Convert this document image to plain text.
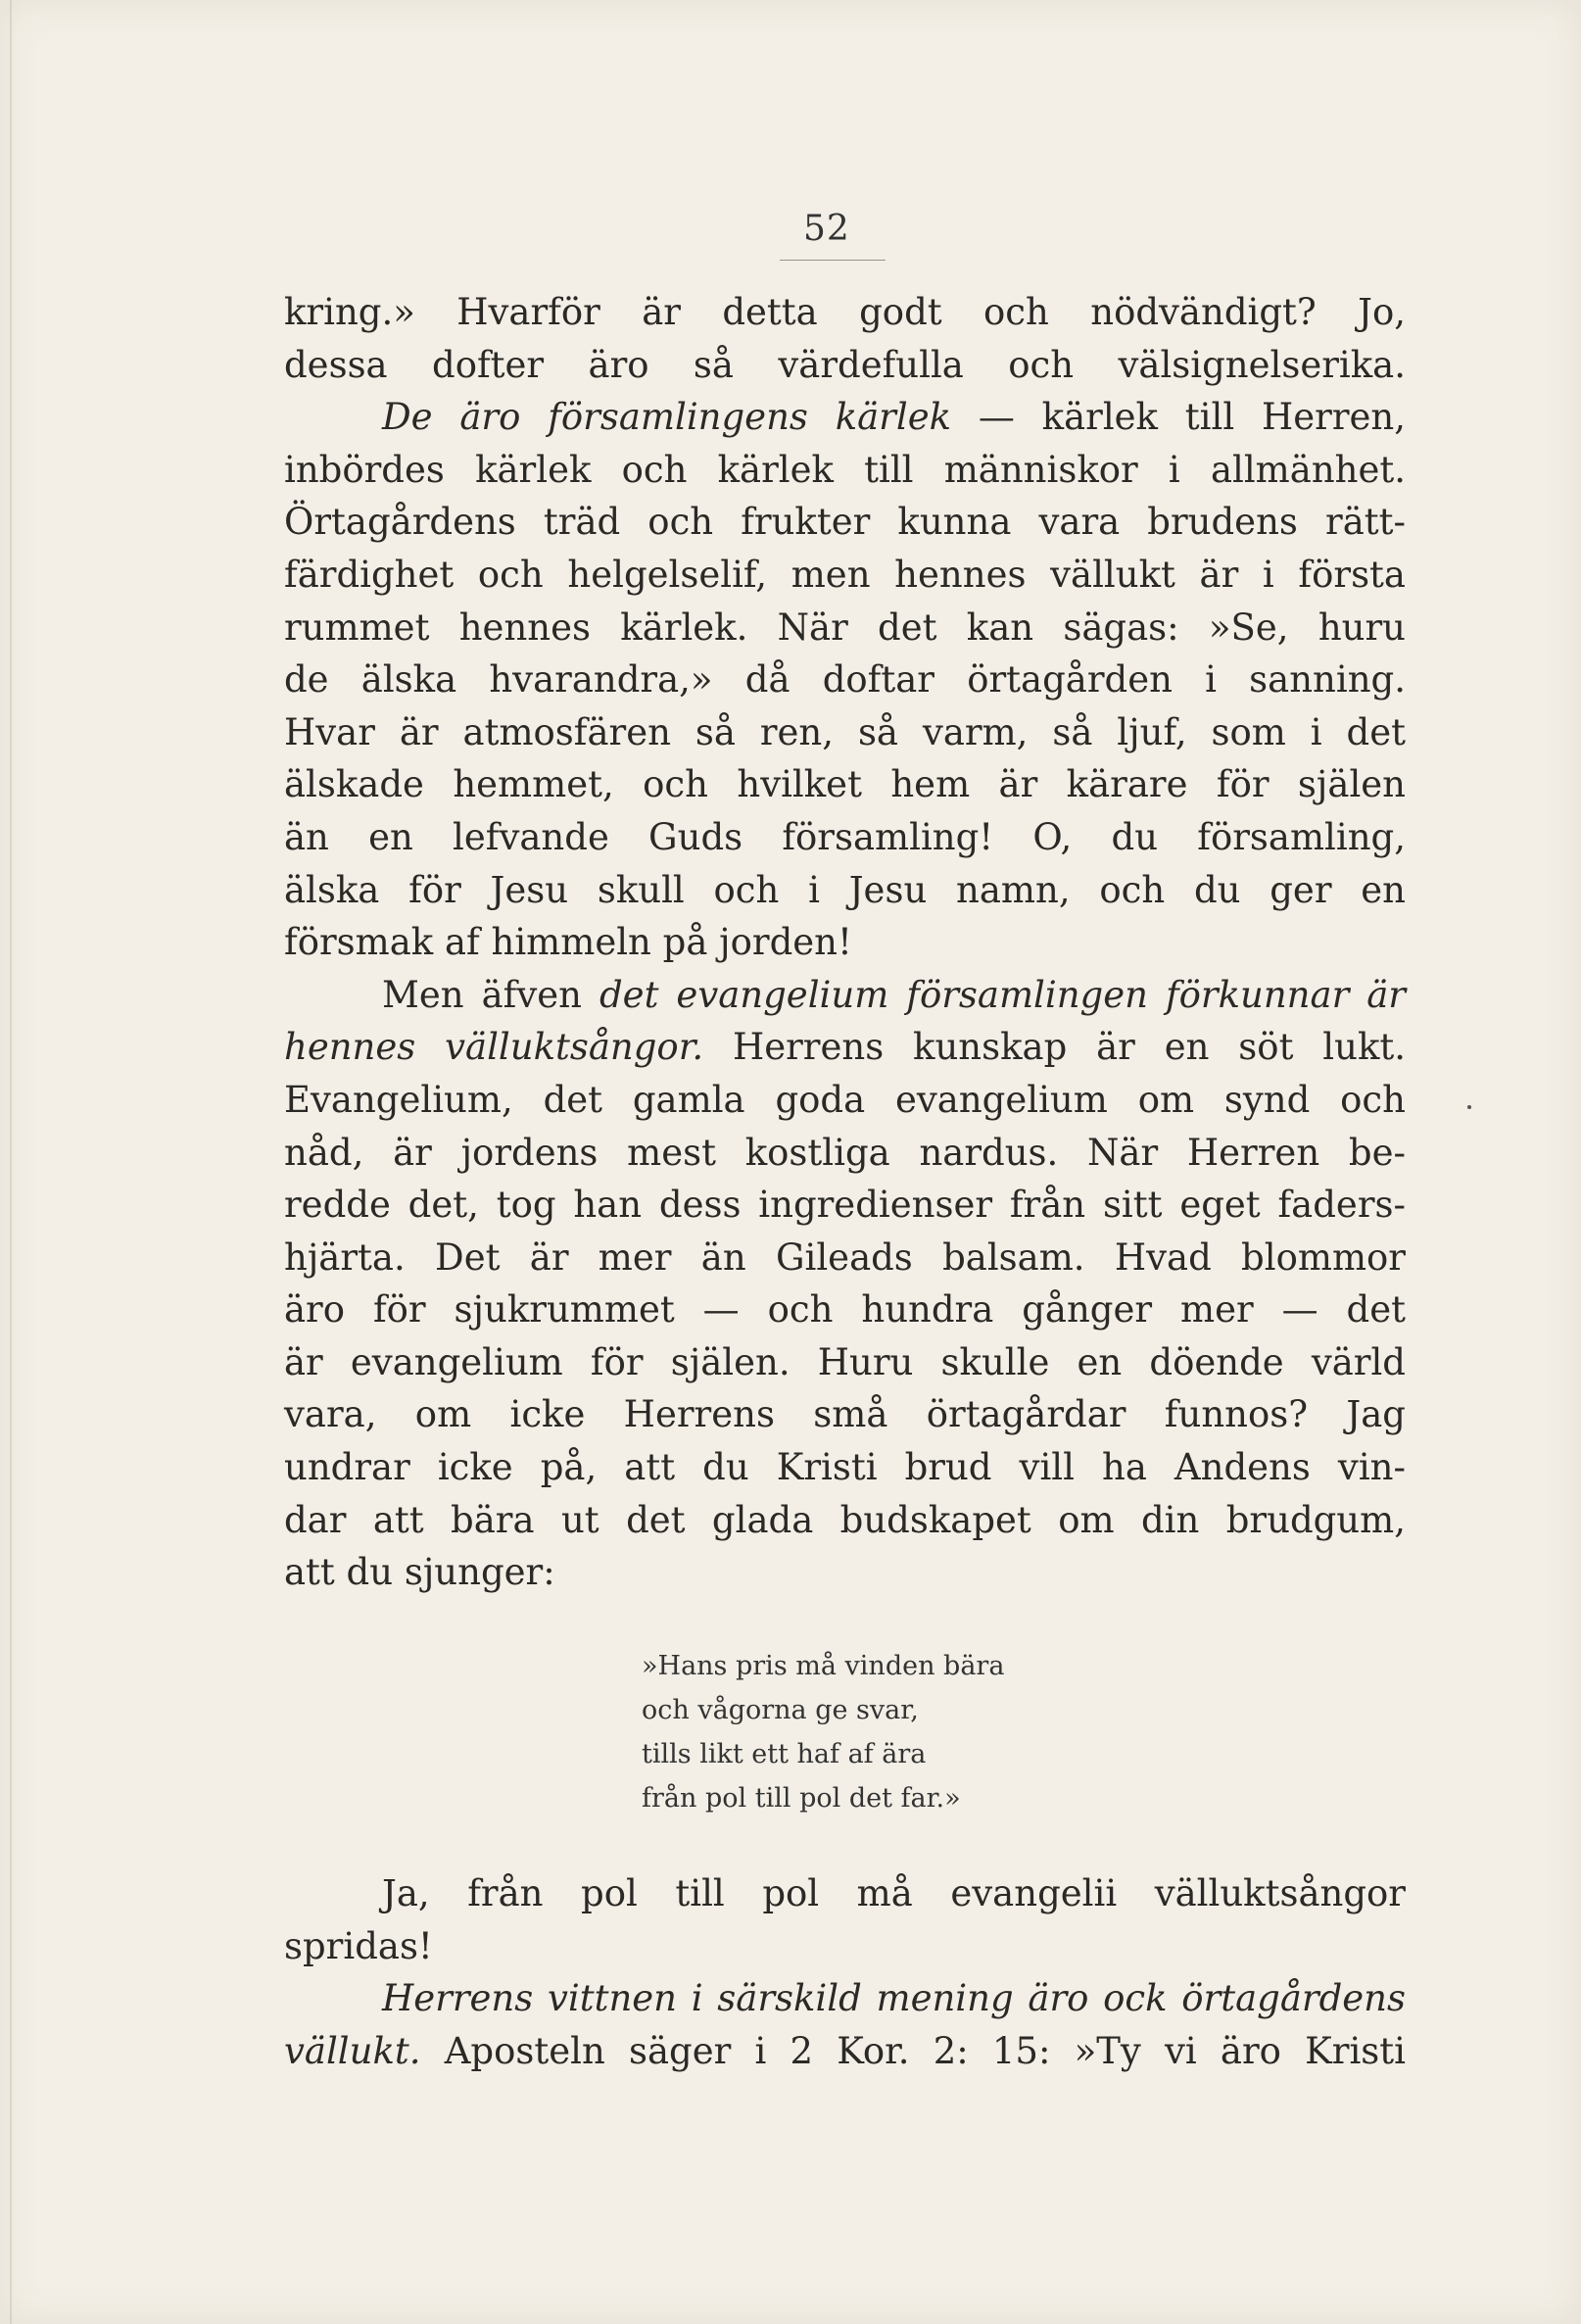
52
kring.» Hvarför är detta godt och nödvändigt? Jo,
dessa dofter äro så värdefulla och välsignelserika.
De äro församlingens kärlek — kärlek till Herren,
inbördes kärlek och kärlek till människor i allmänhet.
Örtagårdens träd och frukter kunna vara brudens rätt-
färdighet och helgelselif, men hennes vällukt är i första
rummet hennes kärlek. När det kan sägas: »Se, huru
de älska hvarandra,» då doftar örtagården i sanning.
Hvar är atmosfären så ren, så varm, så ljuf, som i det
älskade hemmet, och hvilket hem är kärare för själen
än en lefvande Guds församling! O, du församling,
älska för Jesu skull och i Jesu namn, och du ger en
försmak af himmeln på jorden!
Men äfven det evangelium församlingen förkunnar är
hennes välluktsångor. Herrens kunskap är en söt lukt.
Evangelium, det gamla goda evangelium om synd och
nåd, är jordens mest kostliga nardus. När Herren be-
redde det, tog han dess ingredienser från sitt eget faders-
hjärta. Det är mer än Gileads balsam. Hvad blommor
äro för sjukrummet — och hundra gånger mer — det
är evangelium för själen. Huru skulle en döende värld
vara, om icke Herrens små örtagårdar funnos? Jag
undrar icke på, att du Kristi brud vill ha Andens vin-
dar att bära ut det glada budskapet om din brudgum,
att du sjunger:
»Hans pris må vinden bära
och vågorna ge svar,
tills likt ett haf af ära
från pol till pol det far.»
Ja, från pol till pol må evangelii välluktsångor
spridas!
Herrens vittnen i särskild mening äro ock örtagårdens
vällukt. Aposteln säger i 2 Kor. 2: 15: »Ty vi äro Kristi
